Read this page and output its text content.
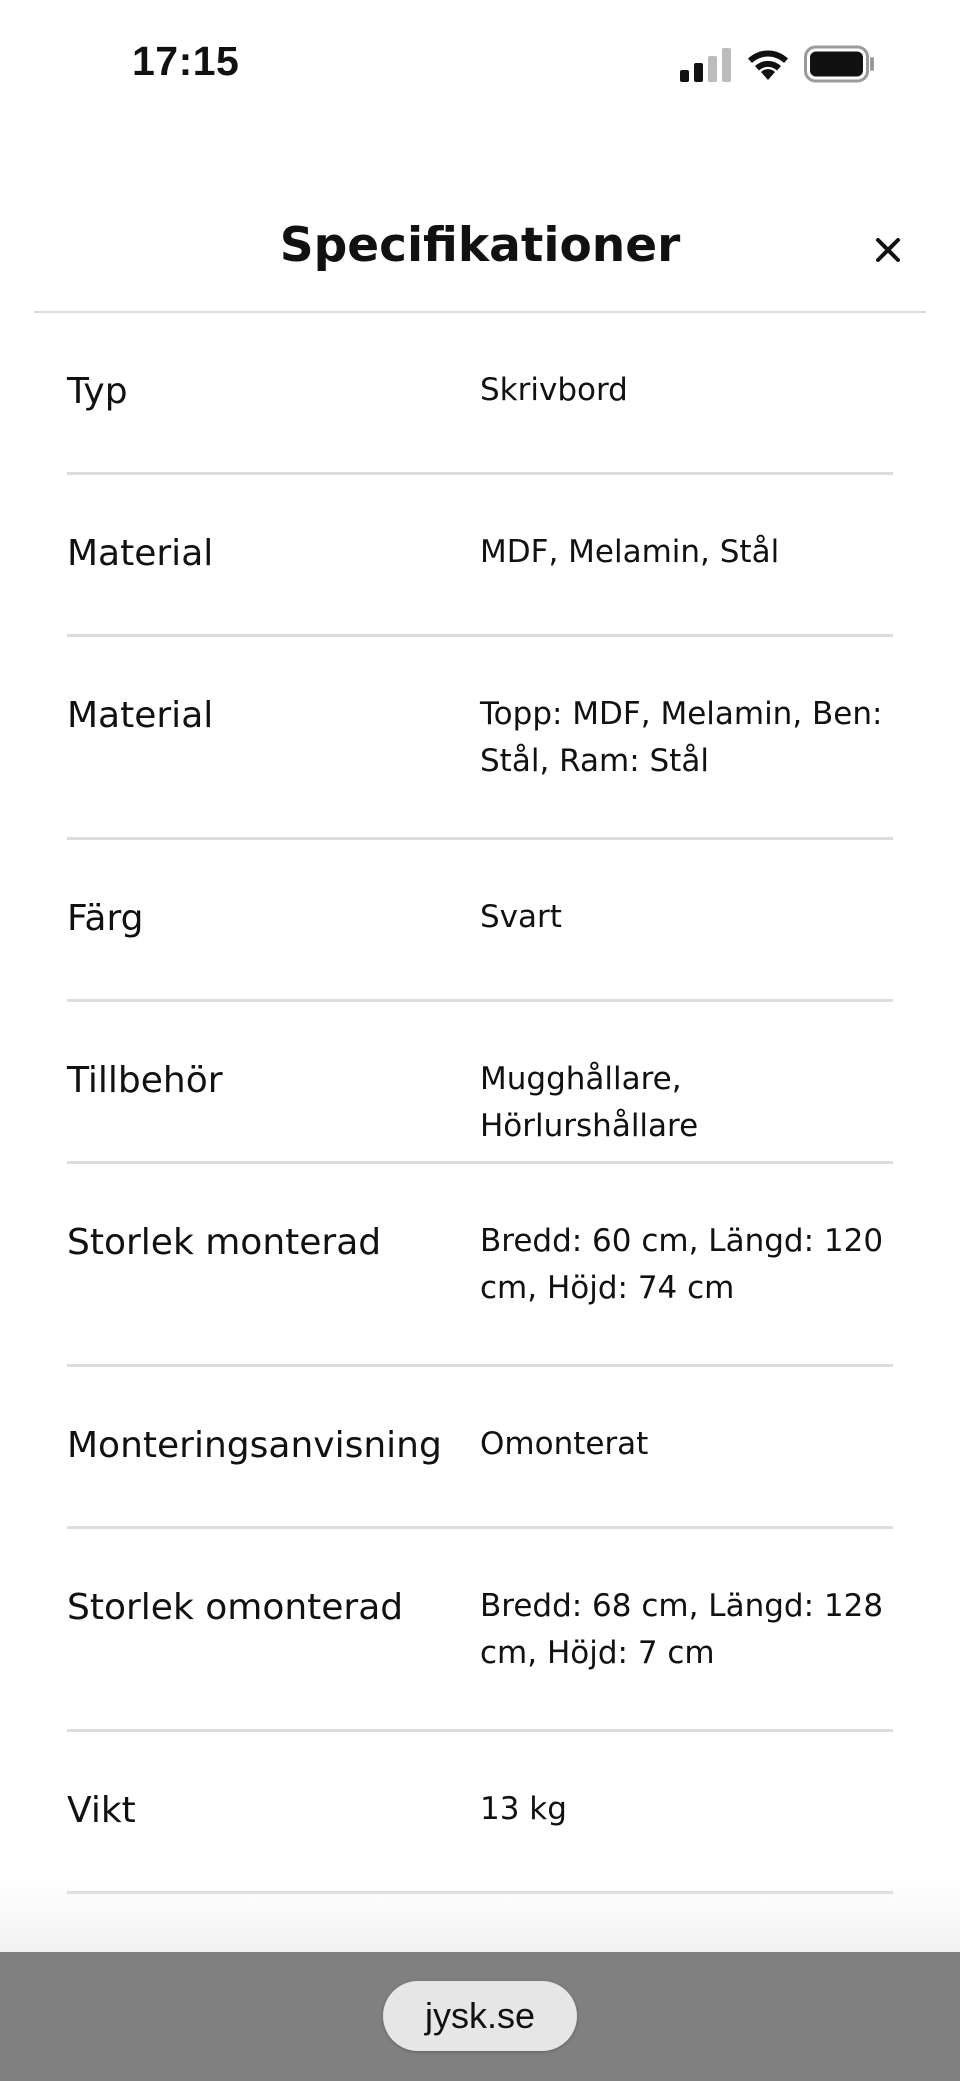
17:15
Specifikationer
Typ	Skrivbord
Material	MDF, Melamin, Stål
Material	Topp: MDF, Melamin, Ben: Stål, Ram: Stål
Färg	Svart
Tillbehör	Mugghållare, Hörlurshållare
Storlek monterad	Bredd: 60 cm, Längd: 120 cm, Höjd: 74 cm
Monteringsanvisning Omonterat
Storlek omonterad Bredd: 68 cm, Längd: 128 cm, Höjd: 7 cm
Vikt	13 kg
jysk.se
